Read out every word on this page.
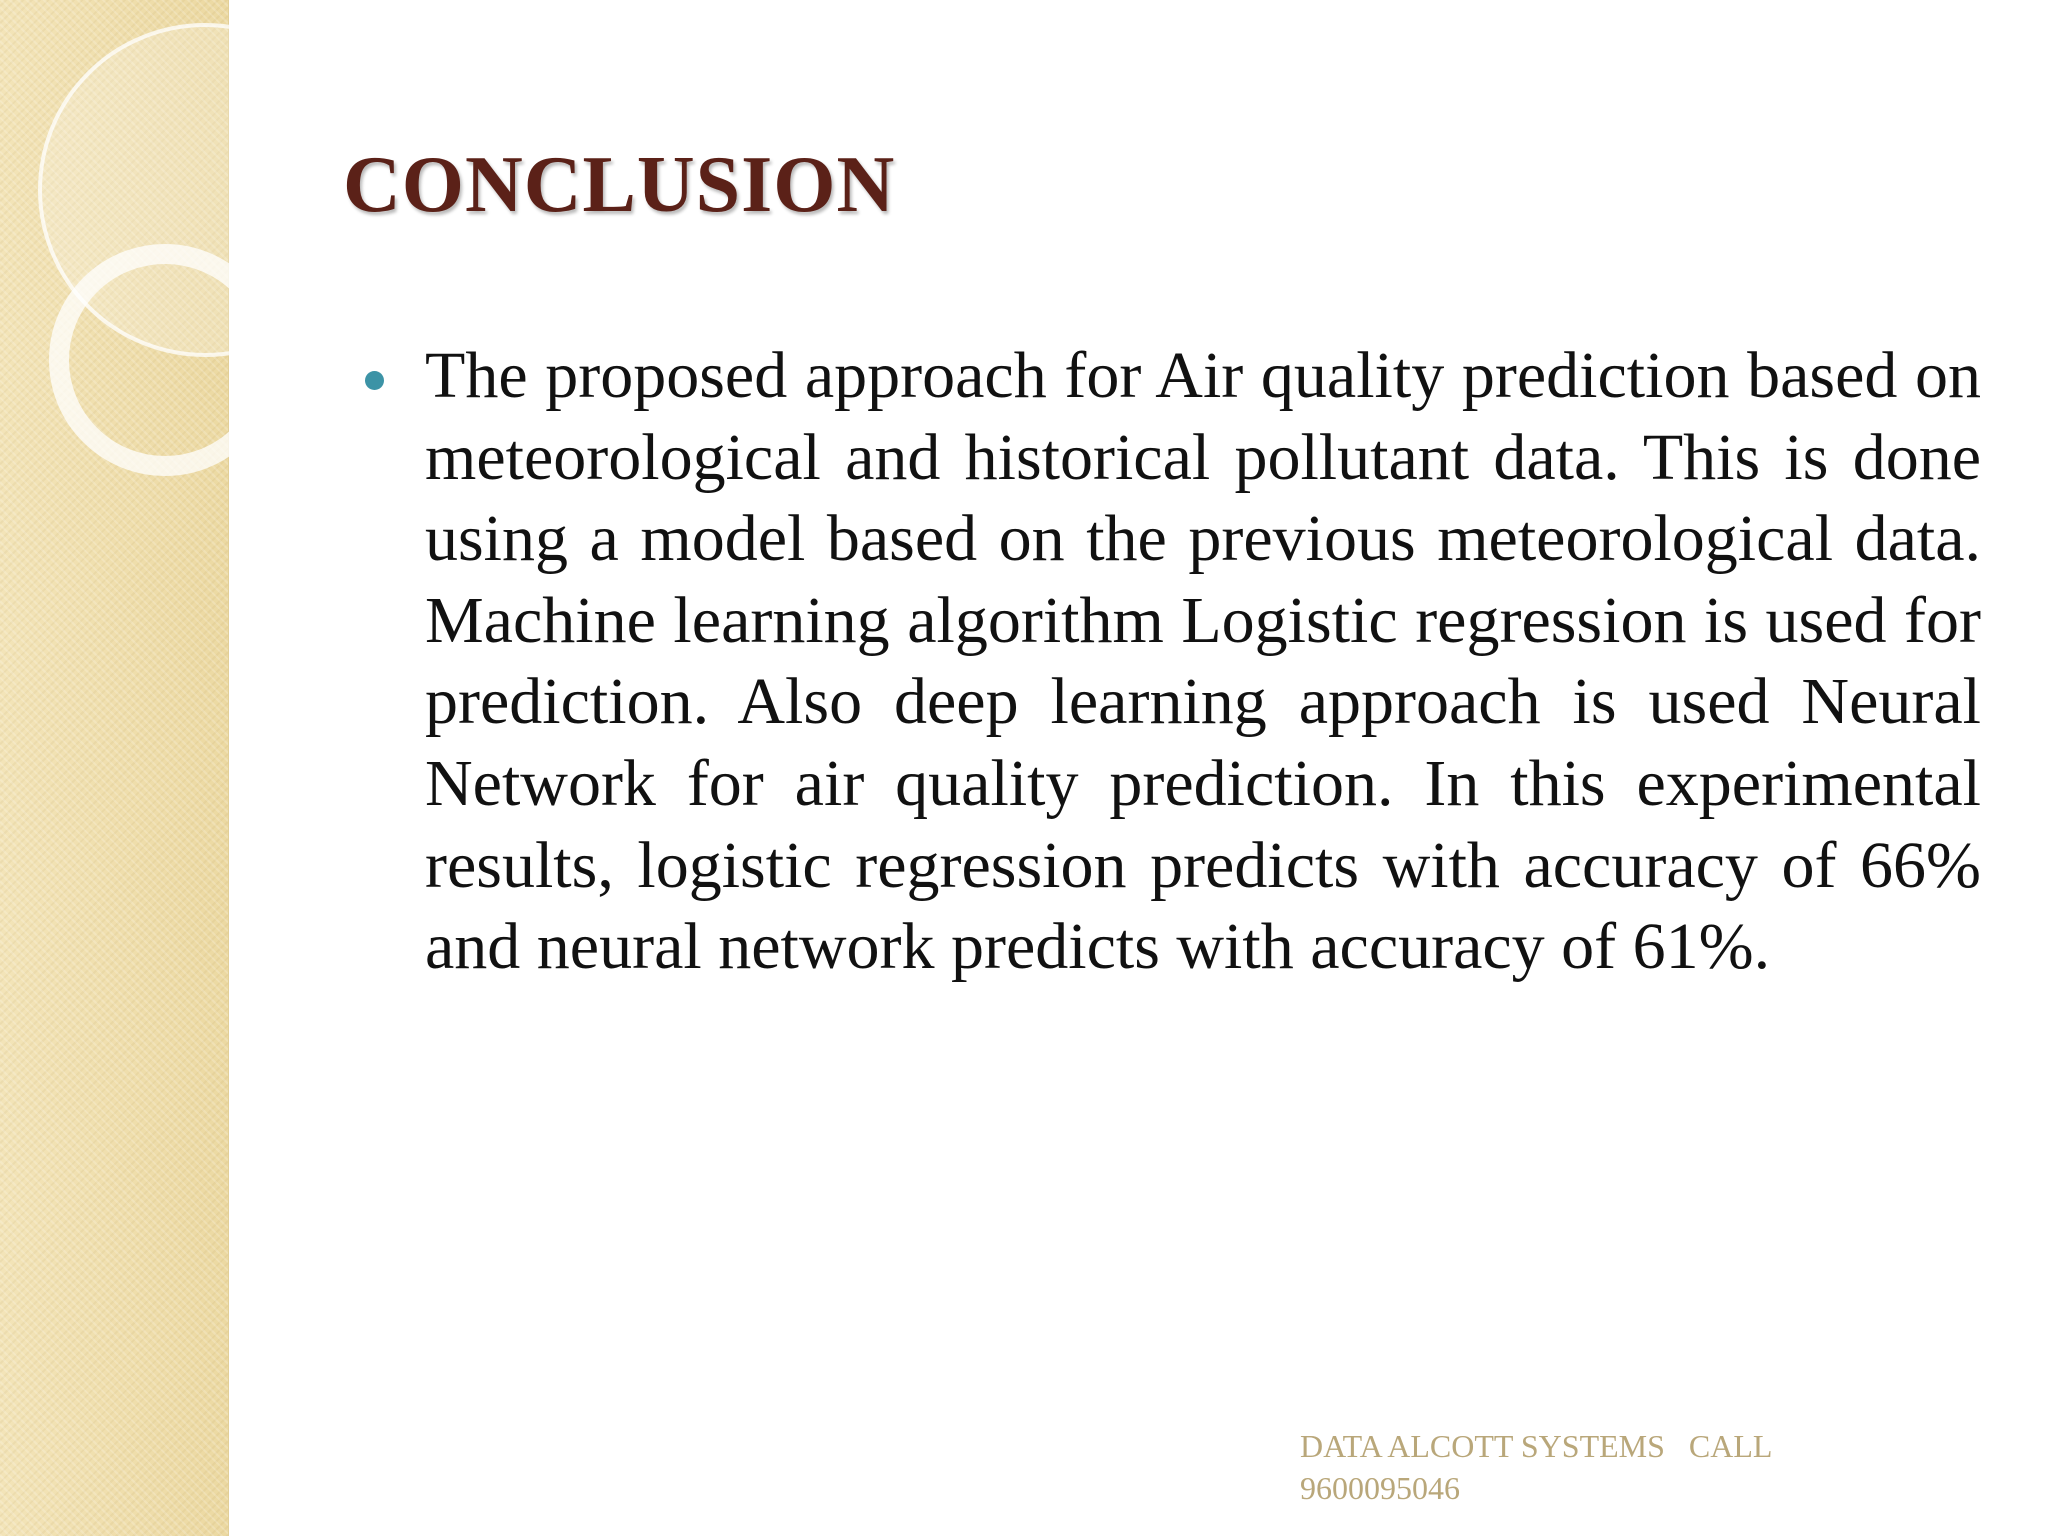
CONCLUSION
The proposed approach for Air quality prediction based on meteorological and historical pollutant data. This is done using a model based on the previous meteorological data. Machine learning algorithm Logistic regression is used for prediction. Also deep learning approach is used Neural Network for air quality prediction. In this experimental results, logistic regression predicts with accuracy of 66% and neural network predicts with accuracy of 61%.
DATA ALCOTT SYSTEMS   CALL
9600095046
